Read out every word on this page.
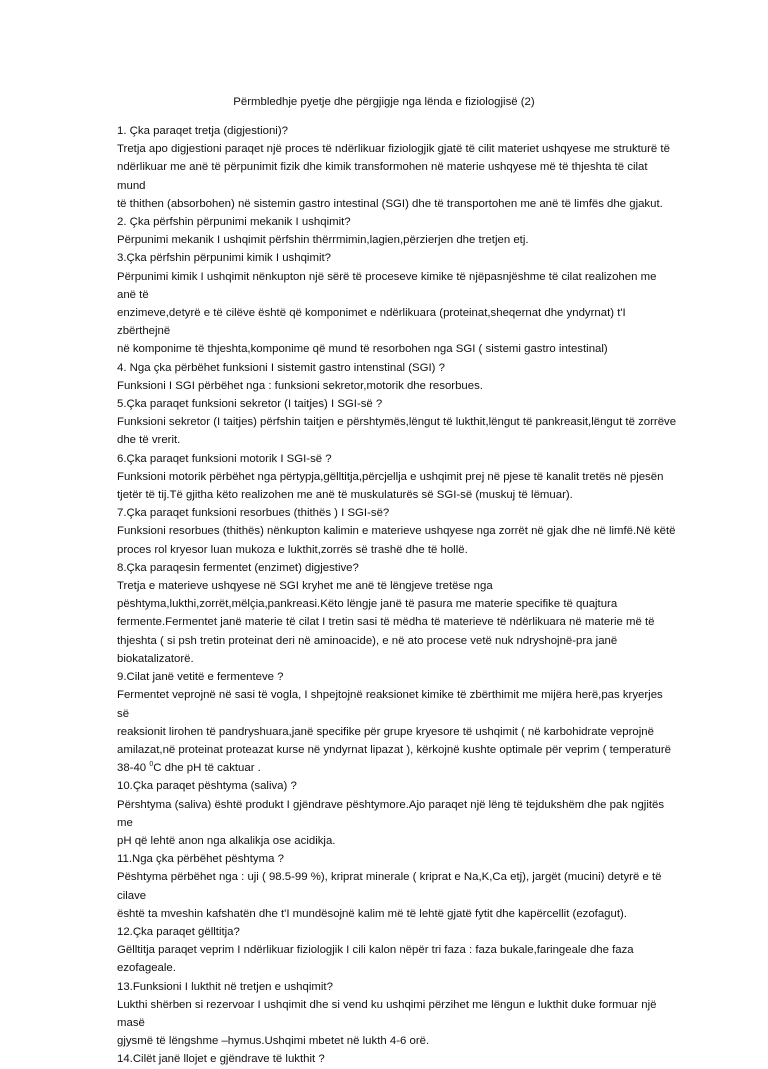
Përmbledhje pyetje dhe përgjigje nga lënda e fiziologjisë (2)

1. Çka paraqet tretja (digjestioni)?

Tretja apo digjestioni paraqet një proces të ndërlikuar fiziologjik gjatë të cilit materiet ushqyese me strukturë të

ndërlikuar me anë të përpunimit fizik dhe kimik transformohen në materie ushqyese më të thjeshta të cilat mund

të thithen (absorbohen) në sistemin gastro intestinal (SGI) dhe të transportohen me anë të limfës dhe gjakut.

2. Çka përfshin përpunimi mekanik I ushqimit?

Përpunimi mekanik I ushqimit përfshin thërrmimin,lagien,përzierjen dhe tretjen etj.

3.Çka përfshin përpunimi kimik I ushqimit?

Përpunimi kimik I ushqimit nënkupton një sërë të proceseve kimike të njëpasnjëshme të cilat realizohen me anë të

enzimeve,detyrë e të cilëve është që komponimet e ndërlikuara (proteinat,sheqernat dhe yndyrnat) t'I zbërthejnë

në komponime të thjeshta,komponime që mund të resorbohen nga SGI ( sistemi gastro intestinal)

4. Nga çka përbëhet funksioni I sistemit gastro intenstinal (SGI) ?

Funksioni I SGI përbëhet nga : funksioni sekretor,motorik dhe resorbues.

5.Çka paraqet funksioni sekretor (I taitjes) I SGI-së ?

Funksioni sekretor (I taitjes) përfshin taitjen e përshtymës,lëngut të lukthit,lëngut të pankreasit,lëngut të zorrëve

dhe të vrerit.

6.Çka paraqet funksioni motorik I SGI-së ?

Funksioni motorik përbëhet nga përtypja,gëlltitja,përcjellja e ushqimit prej në pjese të kanalit tretës në pjesën

tjetër të tij.Të gjitha këto realizohen me anë të muskulaturës së SGI-së (muskuj të lëmuar).

7.Çka paraqet funksioni resorbues (thithës ) I SGI-së?

Funksioni resorbues (thithës) nënkupton kalimin e materieve ushqyese nga zorrët në gjak dhe në limfë.Në këtë

proces rol kryesor luan mukoza e lukthit,zorrës së trashë dhe të hollë.

8.Çka paraqesin fermentet (enzimet) digjestive?

Tretja e materieve ushqyese në SGI kryhet me anë të lëngjeve tretëse nga

pështyma,lukthi,zorrët,mëlçia,pankreasi.Këto lëngje janë të pasura me materie specifike të quajtura

fermente.Fermentet janë materie të cilat I tretin sasi të mëdha të materieve të ndërlikuara në materie më të

thjeshta ( si psh tretin proteinat deri në aminoacide), e në ato procese vetë nuk ndryshojnë-pra janë

biokatalizatorë.

9.Cilat janë vetitë e fermenteve ?

Fermentet veprojnë në sasi të vogla, I shpejtojnë reaksionet kimike të zbërthimit me mijëra herë,pas kryerjes së

reaksionit lirohen të pandryshuara,janë specifike për grupe kryesore të ushqimit ( në karbohidrate veprojnë

amilazat,në proteinat proteazat kurse në yndyrnat lipazat ), kërkojnë kushte optimale për veprim ( temperaturë

38-40 $^0$C dhe pH të caktuar .

10.Çka paraqet pështyma (saliva) ?

Përshtyma (saliva) është produkt I gjëndrave pështymore.Ajo paraqet një lëng të tejdukshëm dhe pak ngjitës me

pH që lehtë anon nga alkalikja ose acidikja.

11.Nga çka përbëhet pështyma ?

Pështyma përbëhet nga : uji ( 98.5-99 %), kriprat minerale ( kriprat e Na,K,Ca etj), jargët (mucini) detyrë e të cilave

është ta mveshin kafshatën dhe t'I mundësojnë kalim më të lehtë gjatë fytit dhe kapërcellit (ezofagut).

12.Çka paraqet gëlltitja?

Gëlltitja paraqet veprim I ndërlikuar fiziologjik I cili kalon nëpër tri faza : faza bukale,faringeale dhe faza ezofageale.

13.Funksioni I lukthit në tretjen e ushqimit?

Lukthi shërben si rezervoar I ushqimit dhe si vend ku ushqimi përzihet me lëngun e lukthit duke formuar një masë

gjysmë të lëngshme –hymus.Ushqimi mbetet në lukth 4-6 orë.

14.Cilët janë llojet e gjëndrave të lukthit ?
